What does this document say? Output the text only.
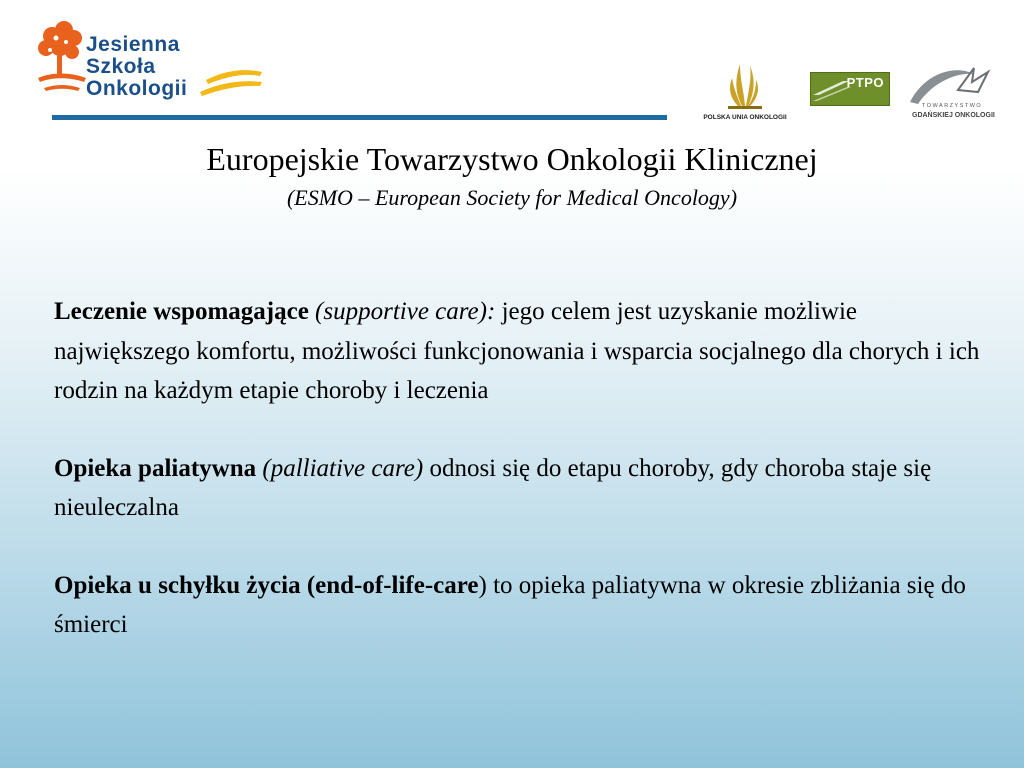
Jesienna
Szkoła
Onkologii
POLSKA UNIA ONKOLOGII
PTPO
TOWARZYSTWO
GDAŃSKIEJ ONKOLOGII
Europejskie Towarzystwo Onkologii Klinicznej
(ESMO – European Society for Medical Oncology)

Leczenie wspomagające (supportive care): jego celem jest uzyskanie możliwie największego komfortu, możliwości funkcjonowania i wsparcia socjalnego dla chorych i ich rodzin na każdym etapie choroby i leczenia

Opieka paliatywna (palliative care) odnosi się do etapu choroby, gdy choroba staje się nieuleczalna

Opieka u schyłku życia (end-of-life-care) to opieka paliatywna w okresie zbliżania się do śmierci
